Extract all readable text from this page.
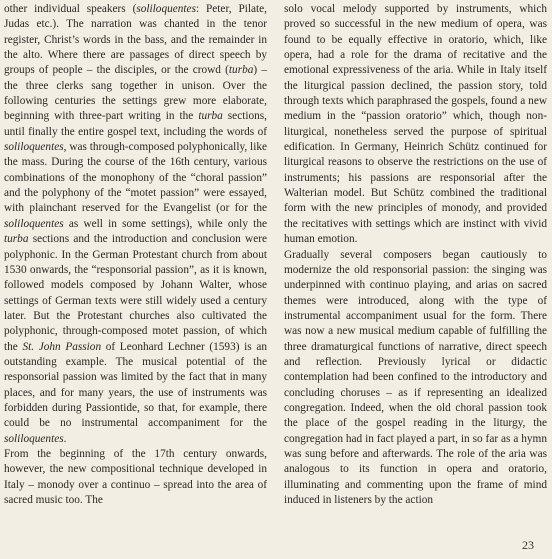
other individual speakers (soliloquentes: Peter, Pilate, Judas etc.). The narration was chanted in the tenor register, Christ’s words in the bass, and the remainder in the alto. Where there are passages of direct speech by groups of people – the disciples, or the crowd (turba) – the three clerks sang together in unison. Over the following centuries the settings grew more elaborate, beginning with three-part writing in the turba sections, until finally the entire gospel text, including the words of soliloquentes, was through-composed polyphonically, like the mass. During the course of the 16th century, various combinations of the monophony of the “choral passion” and the polyphony of the “motet passion” were essayed, with plainchant reserved for the Evangelist (or for the soliloquentes as well in some settings), while only the turba sections and the introduction and conclusion were polyphonic. In the German Protestant church from about 1530 onwards, the “responsorial passion”, as it is known, followed models composed by Johann Walter, whose settings of German texts were still widely used a century later. But the Protestant churches also cultivated the polyphonic, through-composed motet passion, of which the St. John Passion of Leonhard Lechner (1593) is an outstanding example. The musical potential of the responsorial passion was limited by the fact that in many places, and for many years, the use of instruments was forbidden during Passiontide, so that, for example, there could be no instrumental accompaniment for the soliloquentes.

From the beginning of the 17th century onwards, however, the new compositional technique developed in Italy – monody over a continuo – spread into the area of sacred music too. The

solo vocal melody supported by instruments, which proved so successful in the new medium of opera, was found to be equally effective in oratorio, which, like opera, had a role for the drama of recitative and the emotional expressiveness of the aria. While in Italy itself the liturgical passion declined, the passion story, told through texts which paraphrased the gospels, found a new medium in the “passion oratorio” which, though non-liturgical, nonetheless served the purpose of spiritual edification. In Germany, Heinrich Schütz continued for liturgical reasons to observe the restrictions on the use of instruments; his passions are responsorial after the Walterian model. But Schütz combined the traditional form with the new principles of monody, and provided the recitatives with settings which are instinct with vivid human emotion.

Gradually several composers began cautiously to modernize the old responsorial passion: the singing was underpinned with continuo playing, and arias on sacred themes were introduced, along with the type of instrumental accompaniment usual for the form. There was now a new musical medium capable of fulfilling the three dramaturgical functions of narrative, direct speech and reflection. Previously lyrical or didactic contemplation had been confined to the introductory and concluding choruses – as if representing an idealized congregation. Indeed, when the old choral passion took the place of the gospel reading in the liturgy, the congregation had in fact played a part, in so far as a hymn was sung before and afterwards. The role of the aria was analogous to its function in opera and oratorio, illuminating and commenting upon the frame of mind induced in listeners by the action

23
